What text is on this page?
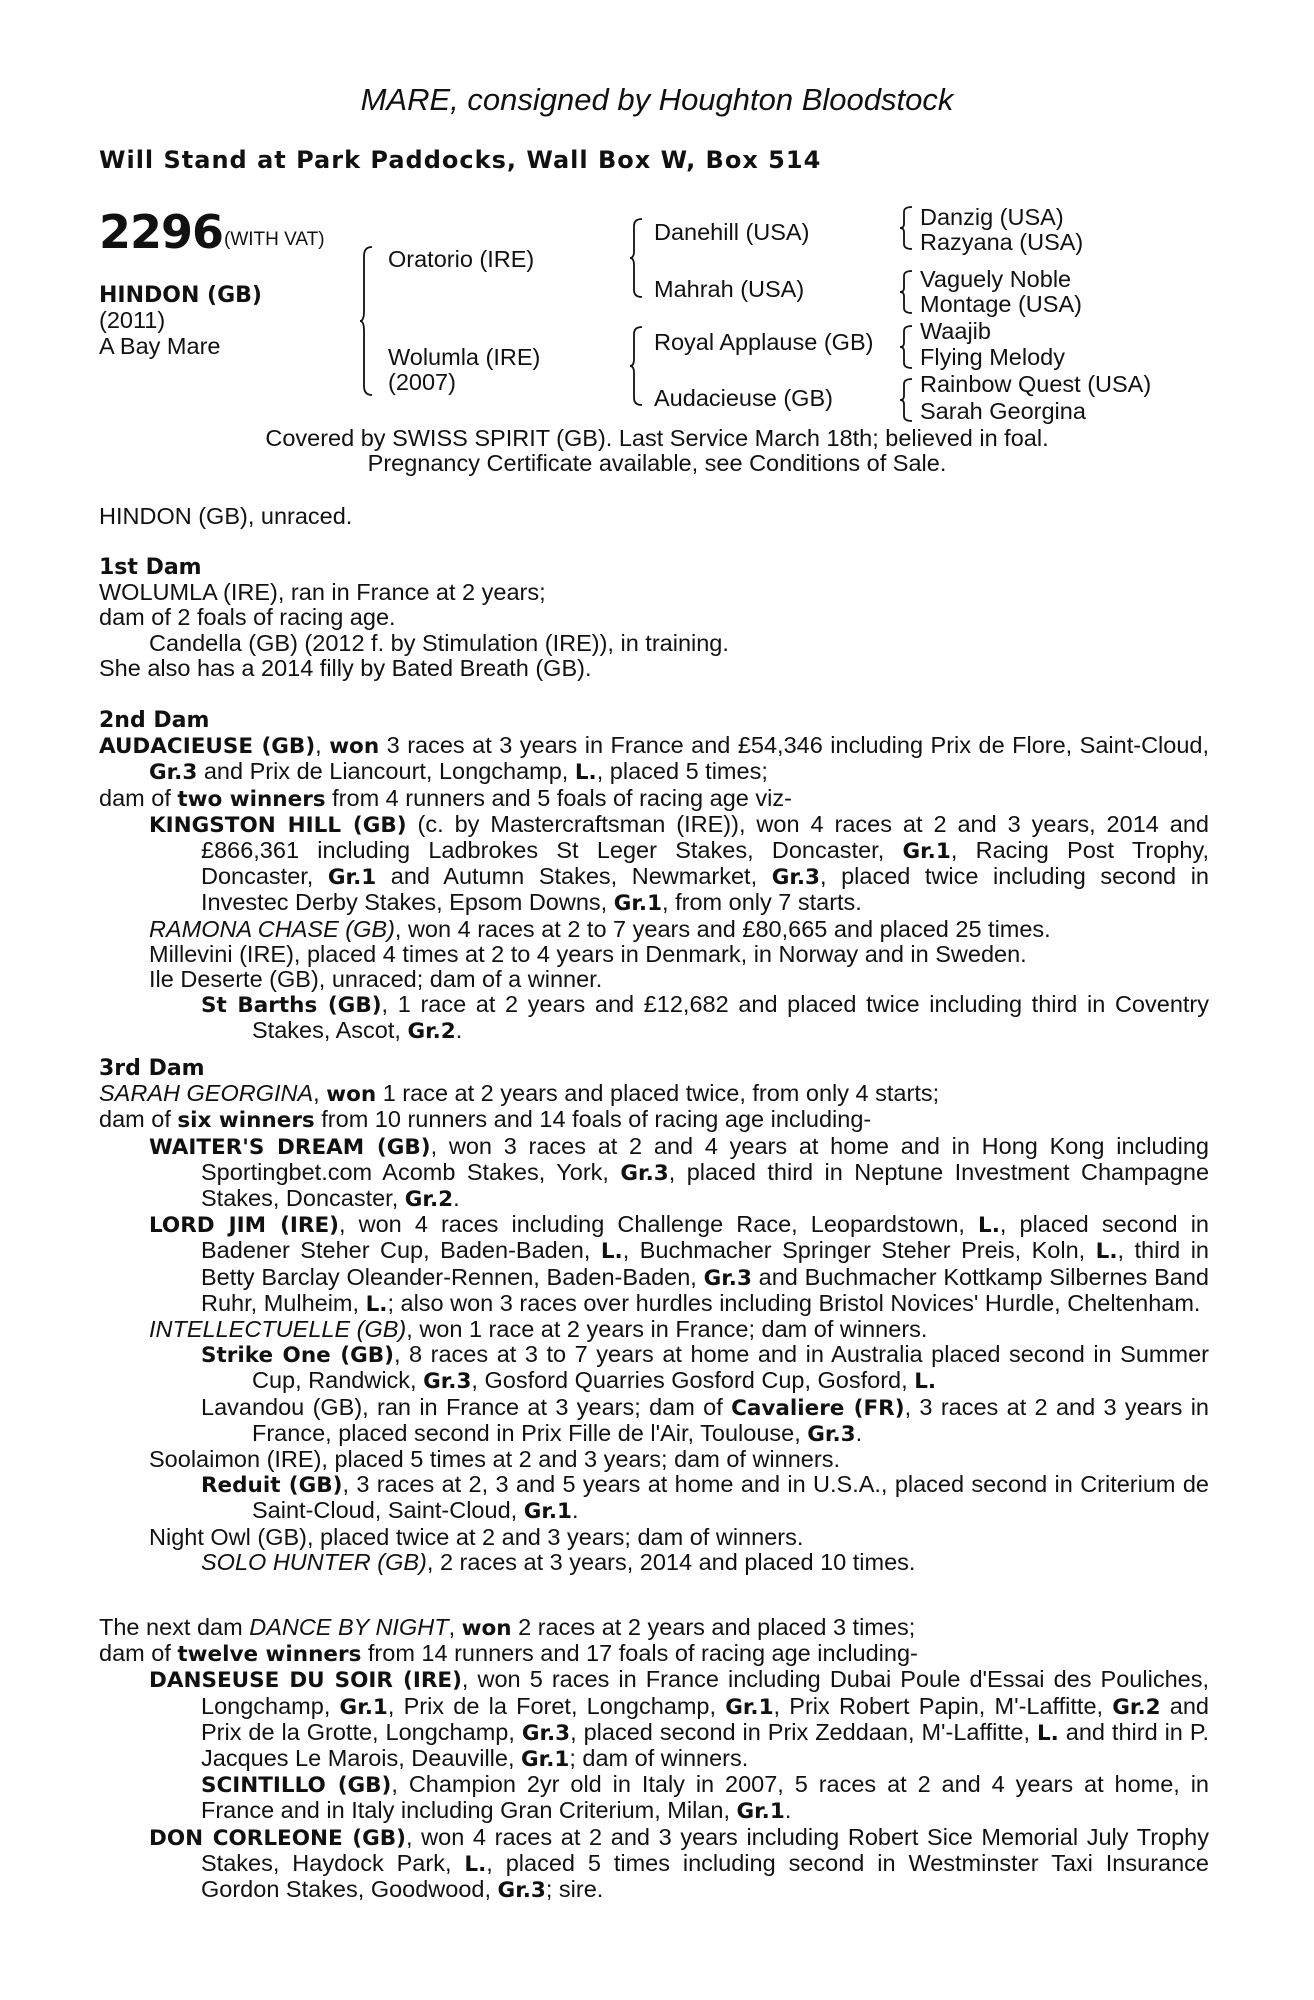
MARE, consigned by Houghton Bloodstock
Will Stand at Park Paddocks, Wall Box W, Box 514
2296 (WITH VAT)
HINDON (GB)
(2011)
A Bay Mare
Oratorio (IRE)
Wolumla (IRE)
(2007)
Danehill (USA)
Mahrah (USA)
Royal Applause (GB)
Audacieuse (GB)
Danzig (USA)
Razyana (USA)
Vaguely Noble
Montage (USA)
Waajib
Flying Melody
Rainbow Quest (USA)
Sarah Georgina
Covered by SWISS SPIRIT (GB). Last Service March 18th; believed in foal.
Pregnancy Certificate available, see Conditions of Sale.
HINDON (GB), unraced.

1st Dam

WOLUMLA (IRE), ran in France at 2 years;

dam of 2 foals of racing age.

Candella (GB) (2012 f. by Stimulation (IRE)), in training.

She also has a 2014 filly by Bated Breath (GB).

2nd Dam

AUDACIEUSE (GB), won 3 races at 3 years in France and £54,346 including Prix de Flore, Saint-Cloud, Gr.3 and Prix de Liancourt, Longchamp, L., placed 5 times;

dam of two winners from 4 runners and 5 foals of racing age viz-

KINGSTON HILL (GB) (c. by Mastercraftsman (IRE)), won 4 races at 2 and 3 years, 2014 and £866,361 including Ladbrokes St Leger Stakes, Doncaster, Gr.1, Racing Post Trophy, Doncaster, Gr.1 and Autumn Stakes, Newmarket, Gr.3, placed twice including second in Investec Derby Stakes, Epsom Downs, Gr.1, from only 7 starts.

RAMONA CHASE (GB), won 4 races at 2 to 7 years and £80,665 and placed 25 times.

Millevini (IRE), placed 4 times at 2 to 4 years in Denmark, in Norway and in Sweden.

Ile Deserte (GB), unraced; dam of a winner.

St Barths (GB), 1 race at 2 years and £12,682 and placed twice including third in Coventry Stakes, Ascot, Gr.2.

3rd Dam

SARAH GEORGINA, won 1 race at 2 years and placed twice, from only 4 starts;

dam of six winners from 10 runners and 14 foals of racing age including-

WAITER'S DREAM (GB), won 3 races at 2 and 4 years at home and in Hong Kong including Sportingbet.com Acomb Stakes, York, Gr.3, placed third in Neptune Investment Champagne Stakes, Doncaster, Gr.2.

LORD JIM (IRE), won 4 races including Challenge Race, Leopardstown, L., placed second in Badener Steher Cup, Baden-Baden, L., Buchmacher Springer Steher Preis, Koln, L., third in Betty Barclay Oleander-Rennen, Baden-Baden, Gr.3 and Buchmacher Kottkamp Silbernes Band Ruhr, Mulheim, L.; also won 3 races over hurdles including Bristol Novices' Hurdle, Cheltenham.

INTELLECTUELLE (GB), won 1 race at 2 years in France; dam of winners.

Strike One (GB), 8 races at 3 to 7 years at home and in Australia placed second in Summer Cup, Randwick, Gr.3, Gosford Quarries Gosford Cup, Gosford, L.

Lavandou (GB), ran in France at 3 years; dam of Cavaliere (FR), 3 races at 2 and 3 years in France, placed second in Prix Fille de l'Air, Toulouse, Gr.3.

Soolaimon (IRE), placed 5 times at 2 and 3 years; dam of winners.

Reduit (GB), 3 races at 2, 3 and 5 years at home and in U.S.A., placed second in Criterium de Saint-Cloud, Saint-Cloud, Gr.1.

Night Owl (GB), placed twice at 2 and 3 years; dam of winners.

SOLO HUNTER (GB), 2 races at 3 years, 2014 and placed 10 times.

The next dam DANCE BY NIGHT, won 2 races at 2 years and placed 3 times;

dam of twelve winners from 14 runners and 17 foals of racing age including-

DANSEUSE DU SOIR (IRE), won 5 races in France including Dubai Poule d'Essai des Pouliches, Longchamp, Gr.1, Prix de la Foret, Longchamp, Gr.1, Prix Robert Papin, M'-Laffitte, Gr.2 and Prix de la Grotte, Longchamp, Gr.3, placed second in Prix Zeddaan, M'-Laffitte, L. and third in P. Jacques Le Marois, Deauville, Gr.1; dam of winners.

SCINTILLO (GB), Champion 2yr old in Italy in 2007, 5 races at 2 and 4 years at home, in France and in Italy including Gran Criterium, Milan, Gr.1.

DON CORLEONE (GB), won 4 races at 2 and 3 years including Robert Sice Memorial July Trophy Stakes, Haydock Park, L., placed 5 times including second in Westminster Taxi Insurance Gordon Stakes, Goodwood, Gr.3; sire.
